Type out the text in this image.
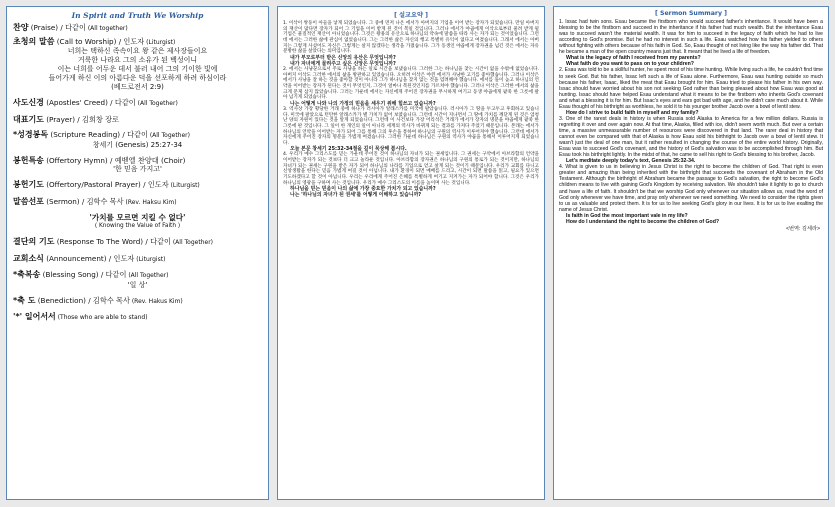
In Spirit and Truth We Worship
찬양 (Praise) / 다같이 (All together)
초청의 말씀 (Call to Worship) / 인도자 (Liturgist)
너희는 택하신 족속이요 왕 같은 제사장들이요
거룩한 나라요 그의 소유가 된 백성이니
이는 너희를 어두운 데서 불러 내어 그의 기이한 빛에
들어가게 하신 이의 아름다운 덕을 선포하게 하려 하심이라
(베드로전서 2:9)
사도신경 (Apostles' Creed) / 다같이 (All Together)
대표기도 (Prayer) / 김희창 장로
*성경봉독 (Scripture Reading) / 다같이 (All Together)
창세기 (Genesis) 25:27-34
봉헌특송 (Offertory Hymn) / 예벧엘 찬양대 (Choir)
'한 믿음 가지고'
봉헌기도 (Offertory/Pastoral Prayer) / 인도자 (Liturgist)
말씀선포 (Sermon) / 김학수 목사 (Rev. Haksu Kim)
'가치를 모르면 지킬 수 없다'
( Knowing the Value of Faith )
결단의 기도 (Response To The Word) / 다같이 (All Together)
교회소식 (Announcement) / 인도자 (Liturgist)
*축복송 (Blessing Song) / 다같이 (All Together)
'일 상'
*축 도 (Benediction) / 김학수 목사 (Rev. Hakus Kim)
'*' 일어서서 (Those who are able to stand)
[ 설교요약 ]
1. 이삭이 쌍둥이 아들을 낳게 되었습니다. 그 중에 먼저 나온 에서가 아버지의 기업을 이어 받는 장자가 되었습니다. 만일 아버지의 재산이 많다면 장자가 되어 그 기업을 이어 받게 된 것이 복일 것입니다. 그러나 에서가 야곱에게 이삭으로부터 물려 받게 될 기업은 물질적인 재산이 아니었습니다. 그것은 왕용의 유산으로 하나님의 약속에 말씀을 따라 사는 자가 되는 것이었습니다. 그런데 에서는 그러한 삶에 관심이 없었습니다. 그는 그러한 삶은 자신의 행고 특별히 유익이 없다고 여겼습니다. 그래서 에서는 아버지는 그렇게 사셨어도 자신은 그렇게는 살지 않겠다는 생각을 가졌습니다. 그가 동생인 야곱에게 장자권을 넘긴 것은 에서는 자유분방한 삶을 살았다는 의미입니다.
내가 부모로부터 받은 신앙의 유산은 무엇입니까?
내가 자녀에게 물려주고 싶은 신앙은 무엇입니까?
2. 에서는 사냥꾼으로서 주로 사냥을 하는 일로 시간을 보냈습니다. 그러한 그는 하나님을 찾는 시간이 없을 수밖에 없었습니다. 아버지 이삭도 그러한 에서의 삶을 방관하고 있었습니다. 오히려 이삭은 야윈 에서가 사냥한 고기를 좋아했습니다. 그러나 이삭은 에서가 사냥을 잘 하는 것을 좋아할 것이 아니라 그가 하나님을 찾지 않는 것을 염려해야 했습니다. 에서를 돌이 높고 하나님의 언약을 이어받는 장자가 된다는 것이 무엇인지, 그것이 얼마나 복된것인지를 가르쳐야 했습니다. 그러나 이삭은 그러한 에서의 삶을 크게 문제 삼지 않았습니다. 그러는 가운데 에서는 자신에게 주어진 장자권을 무시하게 여기고 동생 야곱에게 팥죽 한 그릇에 팔아 넘기게 되었습니다.
나는 어떻게 나와 나의 가정의 믿음을 세우기 위해 힘쓰고 있습니까?
3. 역사상 가장 황당한 거래 중에 하나가 러시아가 알래스카를 미국에 팔았습니다. 러시아가 그 땅을 두고두고 후회하고 있습니다. 미국에 팔았으로 턴탄한 알래스카가 별 가치가 없어 보였습니다. 그런데 시간이 지나면서 그 땅에 가치를 깨닫게 된 것은 엄청난 양의 자원이 있다는 것을 알게 되었습니다. 그런데 이 사건보다 가장 어리석은 거래가 에서가 장자의 명분을 야곱에게 팥죽 한 그릇에 판 것입니다. 그 일이 한 개인의 일이 아니라 세계의 역사가 바뀌게 되는 결과를 가져다 주었기 때문입니다. 본래는 에서가 하나님의 언약을 이어받는 자가 되어 그를 통해 그의 후손을 통하여 하나님의 구원의 역사가 이루어져야 했습니다. 그런데 에서가 자신에게 주어진 장자의 명분을 가볍게 여겼습니다. 그러한 가운데 하나님은 구원의 역사가 야곱을 통해서 이루어지게 되었습니다.
오늘 본문 창세기 25:32-34절을 깊이 묵상해 봅시다.
4. 우리가 예수 그리스도를 믿는 가운데 주어진 것이 하나님의 자녀가 되는 권세입니다. 그 권세는 구약에서 아브라함의 언약을 이어받는 장자가 되는 것보다 더 크고 놀라운 것입니다. 아브라함의 장자권은 하나님의 구원의 통로가 되는 것이지만, 하나님의 자녀가 되는 권세는 구원을 받은 자가 되어 하나님의 나라를 기업으로 얻고 살게 되는 것이기 때문입니다. 우리가 교회를 다니고 신앙생활을 한다는 믿음 가볍게 여길 것이 아닙니다. 내가 환경이 되면 예배를 드리고, 시간이 되면 말씀을 읽고, 필요가 있으면 기도하겠다고 할 것이 아닙니다. 우리는 우리에게 주어진 은혜를 특별하게 여기고 지켜가는 자가 되어야 합니다. 그것은 우리가 하나님의 영광을 구하며 사는 것입니다. 우리가 예수 그리스도의 이름을 높이며 사는 것입니다.
하나님을 믿는 믿음이 나의 삶에 가장 중요한 가치가 되고 있습니까?
나는 '하나님의 자녀가 된 권세'를 어떻게 이해하고 있습니까?
[ Sermon Summary ]
1. Issac had twin sons. Esau became the firstborn who would succeed father's inheritance. It would have been a blessing to be the firstborn and succeed in the inheritance if his father had much wealth. But the inheritance Esau was to succeed wasn't the material wealth. It was for him to succeed in the legacy of faith which he had to live according to God's promise. But he had no interest in such a life. Esau watched how his father yielded to others without fighting with others because of his faith in God. So, Esau thought of not living like the way his father did. That he became a man of the open country means just that. It meant that he lived a life of freedom.
What is the legacy of faith I received from my parents?
What faith do you want to pass on to your children?
2. Esau was told to be a skillful hunter, he spent most of his time hunting. While living such a life, he couldn't find time to seek God. But his father, Issac left such a life of Esau alone. Furthermore, Esau was hunting outside so much because his father, Isaac, liked the meat that Esau brought for him. Esau tried to please his father in his own way. Issac should have worried about his son not seeking God rather than being pleased about how Esau was good at hunting. Issac should have helped Esau understand what it means to be the firstborn who inherits God's covenant and what a blessing it is for him. But Issac's eyes and ears got bad with age, and he didn't care much about it. While Esau thought of his birthright as worthless, he sold it to his younger brother Jacob over a bowl of lentil stew.
How do I strive to build faith in myself and my family?
3. One of the rarest deals in history is when Russia sold Alaska to America for a few million dollars. Russia is regretting it over and over again now. At that time, Alaska, filled with ice, didn't seem worth much. But over a certain time, a massive unmeasurable number of resources were discovered in that land. The rarer deal in history that cannot even be compared with that of Alaska is how Esau sold his birthright to Jacob over a bowl of lentil stew. It wasn't just the deal of one man, but it rather resulted in changing the course of the entire world history. Originally, Esau was to succeed God's covenant, and the history of God's salvation was to be accomplished through him. But Esau took his birthright lightly. In the midst of that, he came to sell his right to God's blessing to his brother, Jacob.
Let's meditate deeply today's text, Genesis 25:32-34.
4. What is given to us in believing in Jesus Christ is the right to become the children of God. That right is even greater and amazing than being inherited with the birthright that succeeds the covenant of Abraham in the Old Testament. Although the birthright of Abraham became the passage to God's salvation, the right to become God's children means to live with gaining God's Kingdom by receiving salvation. We shouldn't take it lightly to go to church and have a life of faith. It shouldn't be that we worship God only whenever our situation allows us, read the word of God only whenever we have time, and pray only whenever we need something. We need to consider the rights given to us as valuable and protect them. It is for us to live seeking God's glory in our lives. It is for us to live exalting the name of Jesus Christ.
Is faith in God the most important vale in my life?
How do I understand the right to become the children of God?
<번역: 김세라>
